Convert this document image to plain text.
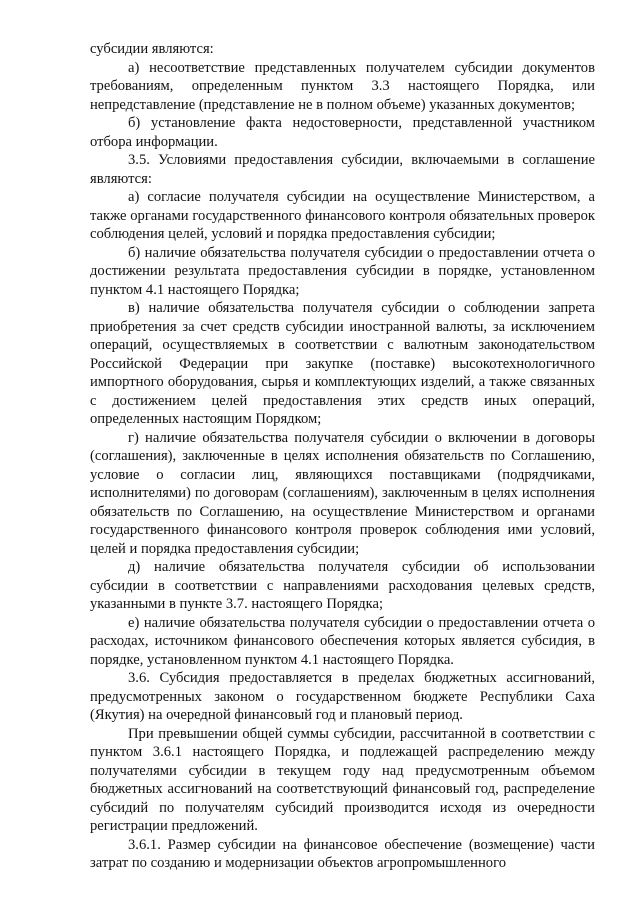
субсидии являются:

а) несоответствие представленных получателем субсидии документов требованиям, определенным пунктом 3.3 настоящего Порядка, или непредставление (представление не в полном объеме) указанных документов;

б) установление факта недостоверности, представленной участником отбора информации.

3.5. Условиями предоставления субсидии, включаемыми в соглашение являются:

а) согласие получателя субсидии на осуществление Министерством, а также органами государственного финансового контроля обязательных проверок соблюдения целей, условий и порядка предоставления субсидии;

б) наличие обязательства получателя субсидии о предоставлении отчета о достижении результата предоставления субсидии в порядке, установленном пунктом 4.1 настоящего Порядка;

в) наличие обязательства получателя субсидии о соблюдении запрета приобретения за счет средств субсидии иностранной валюты, за исключением операций, осуществляемых в соответствии с валютным законодательством Российской Федерации при закупке (поставке) высокотехнологичного импортного оборудования, сырья и комплектующих изделий, а также связанных с достижением целей предоставления этих средств иных операций, определенных настоящим Порядком;

г) наличие обязательства получателя субсидии о включении в договоры (соглашения), заключенные в целях исполнения обязательств по Соглашению, условие о согласии лиц, являющихся поставщиками (подрядчиками, исполнителями) по договорам (соглашениям), заключенным в целях исполнения обязательств по Соглашению, на осуществление Министерством и органами государственного финансового контроля проверок соблюдения ими условий, целей и порядка предоставления субсидии;

д) наличие обязательства получателя субсидии об использовании субсидии в соответствии с направлениями расходования целевых средств, указанными в пункте 3.7. настоящего Порядка;

е) наличие обязательства получателя субсидии о предоставлении отчета о расходах, источником финансового обеспечения которых является субсидия, в порядке, установленном пунктом 4.1 настоящего Порядка.

3.6. Субсидия предоставляется в пределах бюджетных ассигнований, предусмотренных законом о государственном бюджете Республики Саха (Якутия) на очередной финансовый год и плановый период.

При превышении общей суммы субсидии, рассчитанной в соответствии с пунктом 3.6.1 настоящего Порядка, и подлежащей распределению между получателями субсидии в текущем году над предусмотренным объемом бюджетных ассигнований на соответствующий финансовый год, распределение субсидий по получателям субсидий производится исходя из очередности регистрации предложений.

3.6.1. Размер субсидии на финансовое обеспечение (возмещение) части затрат по созданию и модернизации объектов агропромышленного
